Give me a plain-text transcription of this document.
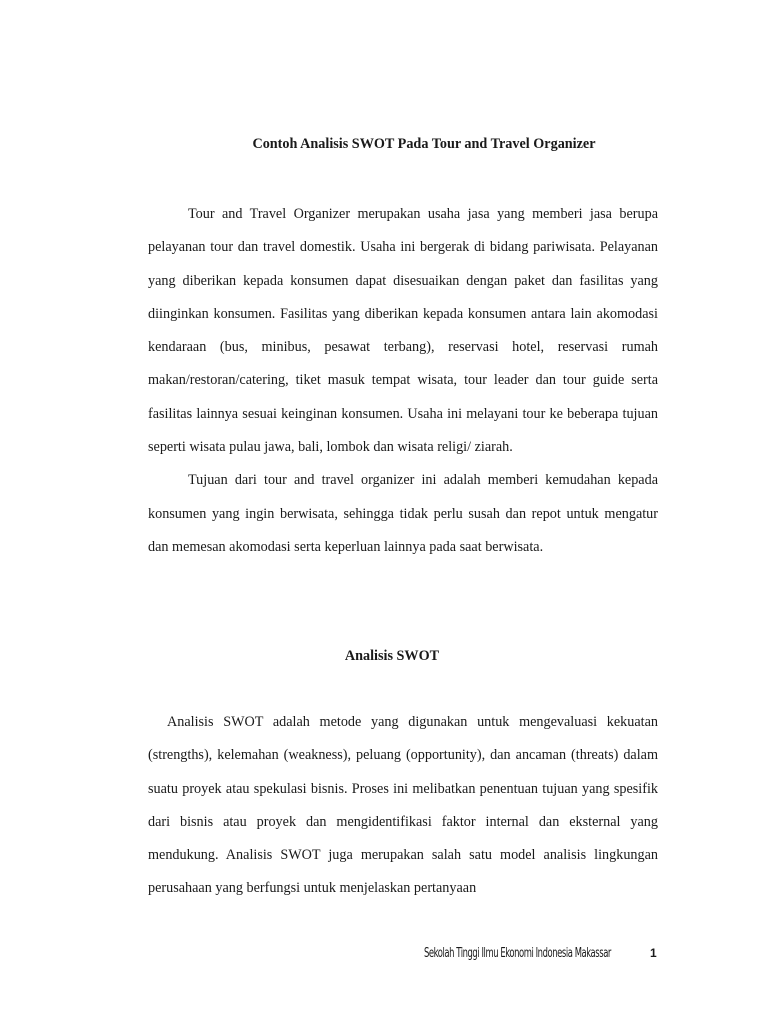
Contoh Analisis SWOT Pada Tour and Travel Organizer

Tour and Travel Organizer merupakan usaha jasa yang memberi jasa berupa pelayanan tour dan travel domestik. Usaha ini bergerak di bidang pariwisata. Pelayanan yang diberikan kepada konsumen dapat disesuaikan dengan paket dan fasilitas yang diinginkan konsumen. Fasilitas yang diberikan kepada konsumen antara lain akomodasi kendaraan (bus, minibus, pesawat terbang), reservasi hotel, reservasi rumah makan/restoran/catering, tiket masuk tempat wisata, tour leader dan tour guide serta fasilitas lainnya sesuai keinginan konsumen. Usaha ini melayani tour ke beberapa tujuan seperti wisata pulau jawa, bali, lombok dan wisata religi/ ziarah.

Tujuan dari tour and travel organizer ini adalah memberi kemudahan kepada konsumen yang ingin berwisata, sehingga tidak perlu susah dan repot untuk mengatur dan memesan akomodasi serta keperluan lainnya pada saat berwisata.

Analisis SWOT

Analisis SWOT adalah metode yang digunakan untuk mengevaluasi kekuatan (strengths), kelemahan (weakness), peluang (opportunity), dan ancaman (threats) dalam suatu proyek atau spekulasi bisnis. Proses ini melibatkan penentuan tujuan yang spesifik dari bisnis atau proyek dan mengidentifikasi faktor internal dan eksternal yang mendukung. Analisis SWOT juga merupakan salah satu model analisis lingkungan perusahaan yang berfungsi untuk menjelaskan pertanyaan

Sekolah Tinggi Ilmu Ekonomi Indonesia Makassar	1
